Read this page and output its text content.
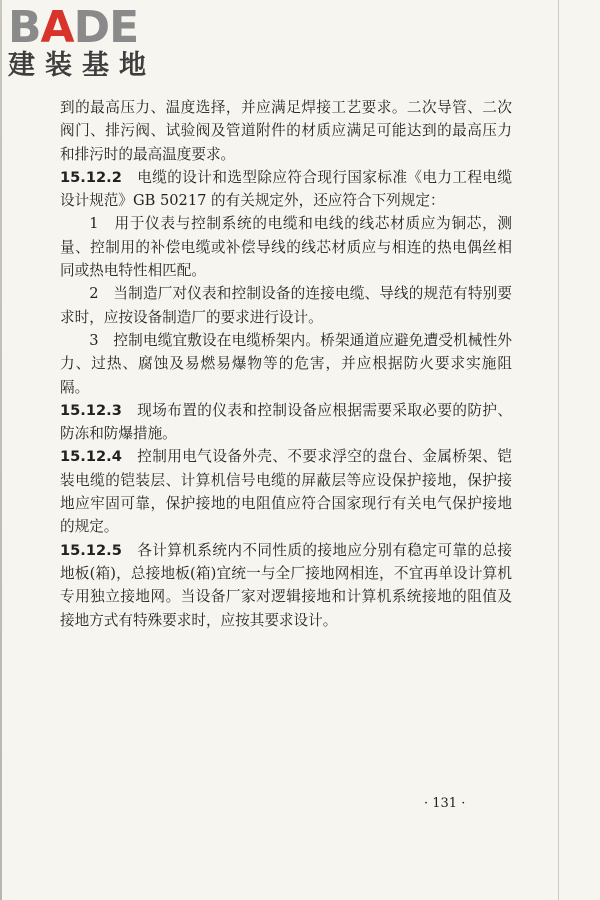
BADE
建装基地

到的最高压力、温度选择，并应满足焊接工艺要求。二次导管、二次阀门、排污阀、试验阀及管道附件的材质应满足可能达到的最高压力和排污时的最高温度要求。

15.12.2　 电缆的设计和选型除应符合现行国家标准《电力工程电缆设计规范》GB 50217 的有关规定外，还应符合下列规定：

1　用于仪表与控制系统的电缆和电线的线芯材质应为铜芯，测量、控制用的补偿电缆或补偿导线的线芯材质应与相连的热电偶丝相同或热电特性相匹配。

2　当制造厂对仪表和控制设备的连接电缆、导线的规范有特别要求时，应按设备制造厂的要求进行设计。

3　控制电缆宜敷设在电缆桥架内。桥架通道应避免遭受机械性外力、过热、腐蚀及易燃易爆物等的危害，并应根据防火要求实施阻隔。

15.12.3　 现场布置的仪表和控制设备应根据需要采取必要的防护、防冻和防爆措施。

15.12.4　 控制用电气设备外壳、不要求浮空的盘台、金属桥架、铠装电缆的铠装层、计算机信号电缆的屏蔽层等应设保护接地，保护接地应牢固可靠，保护接地的电阻值应符合国家现行有关电气保护接地的规定。

15.12.5　 各计算机系统内不同性质的接地应分别有稳定可靠的总接地板(箱)，总接地板(箱)宜统一与全厂接地网相连，不宜再单设计算机专用独立接地网。当设备厂家对逻辑接地和计算机系统接地的阻值及接地方式有特殊要求时，应按其要求设计。

· 131 ·
